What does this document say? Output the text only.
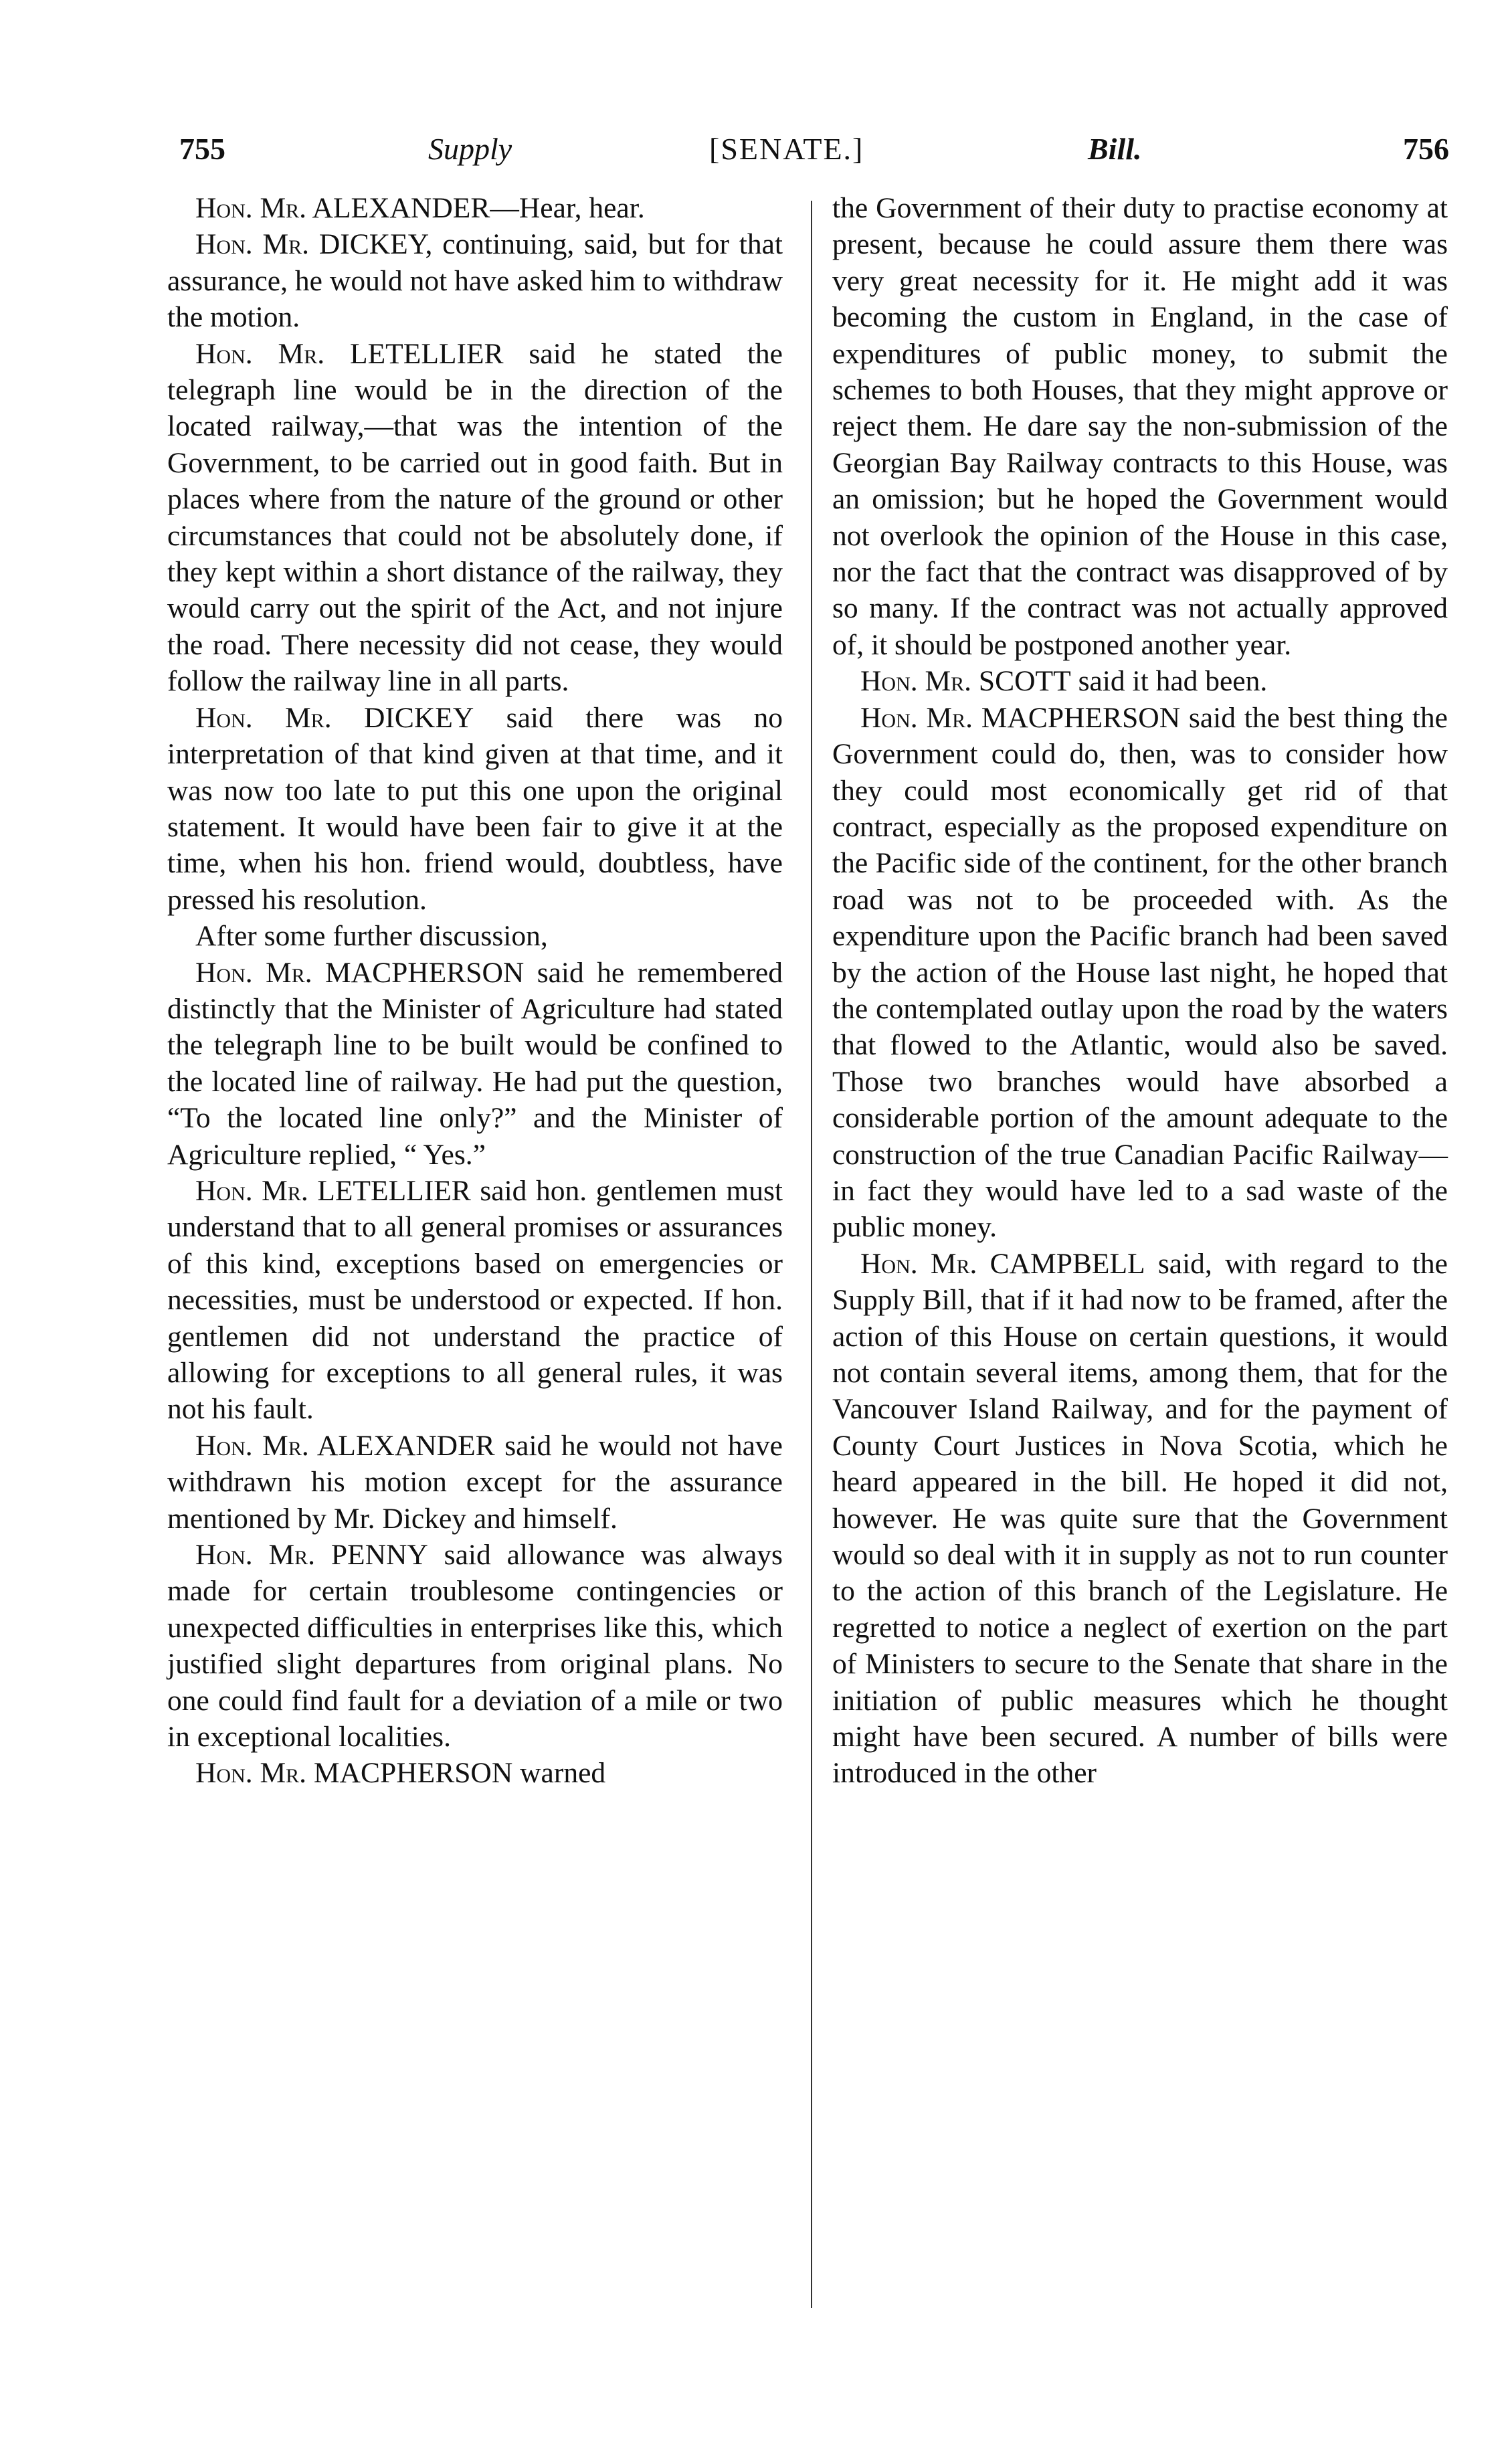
755	Supply	[SENATE.]	Bill.	756

Hon. Mr. ALEXANDER—Hear, hear.

Hon. Mr. DICKEY, continuing, said, but for that assurance, he would not have asked him to withdraw the motion.

Hon. Mr. LETELLIER said he stated the telegraph line would be in the direction of the located railway,—that was the intention of the Government, to be carried out in good faith. But in places where from the nature of the ground or other circumstances that could not be absolutely done, if they kept within a short distance of the railway, they would carry out the spirit of the Act, and not injure the road. There necessity did not cease, they would follow the railway line in all parts.

Hon. Mr. DICKEY said there was no interpretation of that kind given at that time, and it was now too late to put this one upon the original statement. It would have been fair to give it at the time, when his hon. friend would, doubtless, have pressed his resolution.

After some further discussion,

Hon. Mr. MACPHERSON said he remembered distinctly that the Minister of Agriculture had stated the telegraph line to be built would be confined to the located line of railway. He had put the question, “To the located line only?” and the Minister of Agriculture replied, “ Yes.”

Hon. Mr. LETELLIER said hon. gentlemen must understand that to all general promises or assurances of this kind, exceptions based on emergencies or necessities, must be understood or expected. If hon. gentlemen did not understand the practice of allowing for exceptions to all general rules, it was not his fault.

Hon. Mr. ALEXANDER said he would not have withdrawn his motion except for the assurance mentioned by Mr. Dickey and himself.

Hon. Mr. PENNY said allowance was always made for certain troublesome contingencies or unexpected difficulties in enterprises like this, which justified slight departures from original plans. No one could find fault for a deviation of a mile or two in exceptional localities.

Hon. Mr. MACPHERSON warned

the Government of their duty to practise economy at present, because he could assure them there was very great necessity for it. He might add it was becoming the custom in England, in the case of expenditures of public money, to submit the schemes to both Houses, that they might approve or reject them. He dare say the non-submission of the Georgian Bay Railway contracts to this House, was an omission; but he hoped the Government would not overlook the opinion of the House in this case, nor the fact that the contract was disapproved of by so many. If the contract was not actually approved of, it should be postponed another year.

Hon. Mr. SCOTT said it had been.

Hon. Mr. MACPHERSON said the best thing the Government could do, then, was to consider how they could most economically get rid of that contract, especially as the proposed expenditure on the Pacific side of the continent, for the other branch road was not to be proceeded with. As the expenditure upon the Pacific branch had been saved by the action of the House last night, he hoped that the contemplated outlay upon the road by the waters that flowed to the Atlantic, would also be saved. Those two branches would have absorbed a considerable portion of the amount adequate to the construction of the true Canadian Pacific Railway—in fact they would have led to a sad waste of the public money.

Hon. Mr. CAMPBELL said, with regard to the Supply Bill, that if it had now to be framed, after the action of this House on certain questions, it would not contain several items, among them, that for the Vancouver Island Railway, and for the payment of County Court Justices in Nova Scotia, which he heard appeared in the bill. He hoped it did not, however. He was quite sure that the Government would so deal with it in supply as not to run counter to the action of this branch of the Legislature. He regretted to notice a neglect of exertion on the part of Ministers to secure to the Senate that share in the initiation of public measures which he thought might have been secured. A number of bills were introduced in the other
